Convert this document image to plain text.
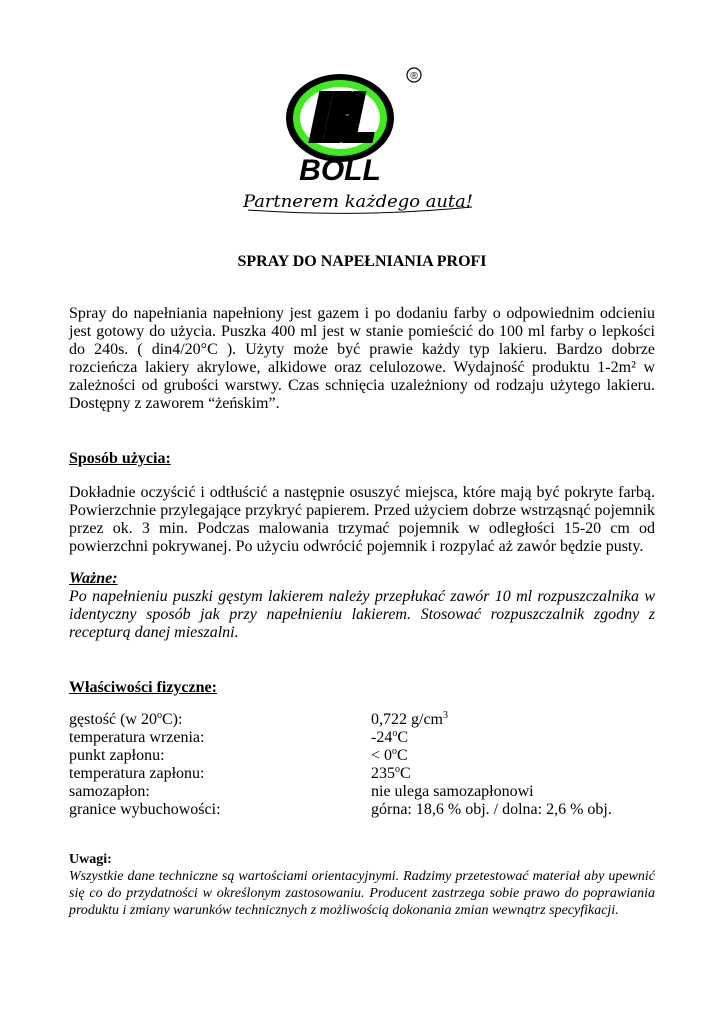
®
BOLL
Partnerem każdego auta!
SPRAY DO NAPEŁNIANIA PROFI

Spray do napełniania napełniony jest gazem i po dodaniu farby o odpowiednim odcieniu jest gotowy do użycia. Puszka 400 ml jest w stanie pomieścić do 100 ml farby o lepkości do 240s. ( din4/20°C ). Użyty może być prawie każdy typ lakieru. Bardzo dobrze rozcieńcza lakiery akrylowe, alkidowe oraz celulozowe. Wydajność produktu 1-2m² w zależności od grubości warstwy. Czas schnięcia uzależniony od rodzaju użytego lakieru. Dostępny z zaworem “żeńskim”.

Sposób użycia:

Dokładnie oczyścić i odtłuścić a następnie osuszyć miejsca, które mają być pokryte farbą. Powierzchnie przylegające przykryć papierem. Przed użyciem dobrze wstrząsnąć pojemnik przez ok. 3 min. Podczas malowania trzymać pojemnik w odległości 15-20 cm od powierzchni pokrywanej. Po użyciu odwrócić pojemnik i rozpylać aż zawór będzie pusty.

Ważne:

Po napełnieniu puszki gęstym lakierem należy przepłukać zawór 10 ml rozpuszczalnika w identyczny sposób jak przy napełnieniu lakierem. Stosować rozpuszczalnik zgodny z recepturą danej mieszalni.

Właściwości fizyczne:
gęstość (w 20$^o$C):	0,722 $g/cm^3$
temperatura wrzenia:	-24$^o$C
punkt zapłonu:	< $0^oC$
temperatura zapłonu:	235$^o$C
samozapłon:	nie ulega samozapłonowi
granice wybuchowości:	górna: 18,6 % obj. / dolna: 2,6 % obj.

Uwagi:

Wszystkie dane techniczne są wartościami orientacyjnymi. Radzimy przetestować materiał aby upewnić się co do przydatności w określonym zastosowaniu. Producent zastrzega sobie prawo do poprawiania produktu i zmiany warunków technicznych z możliwością dokonania zmian wewnątrz specyfikacji.
